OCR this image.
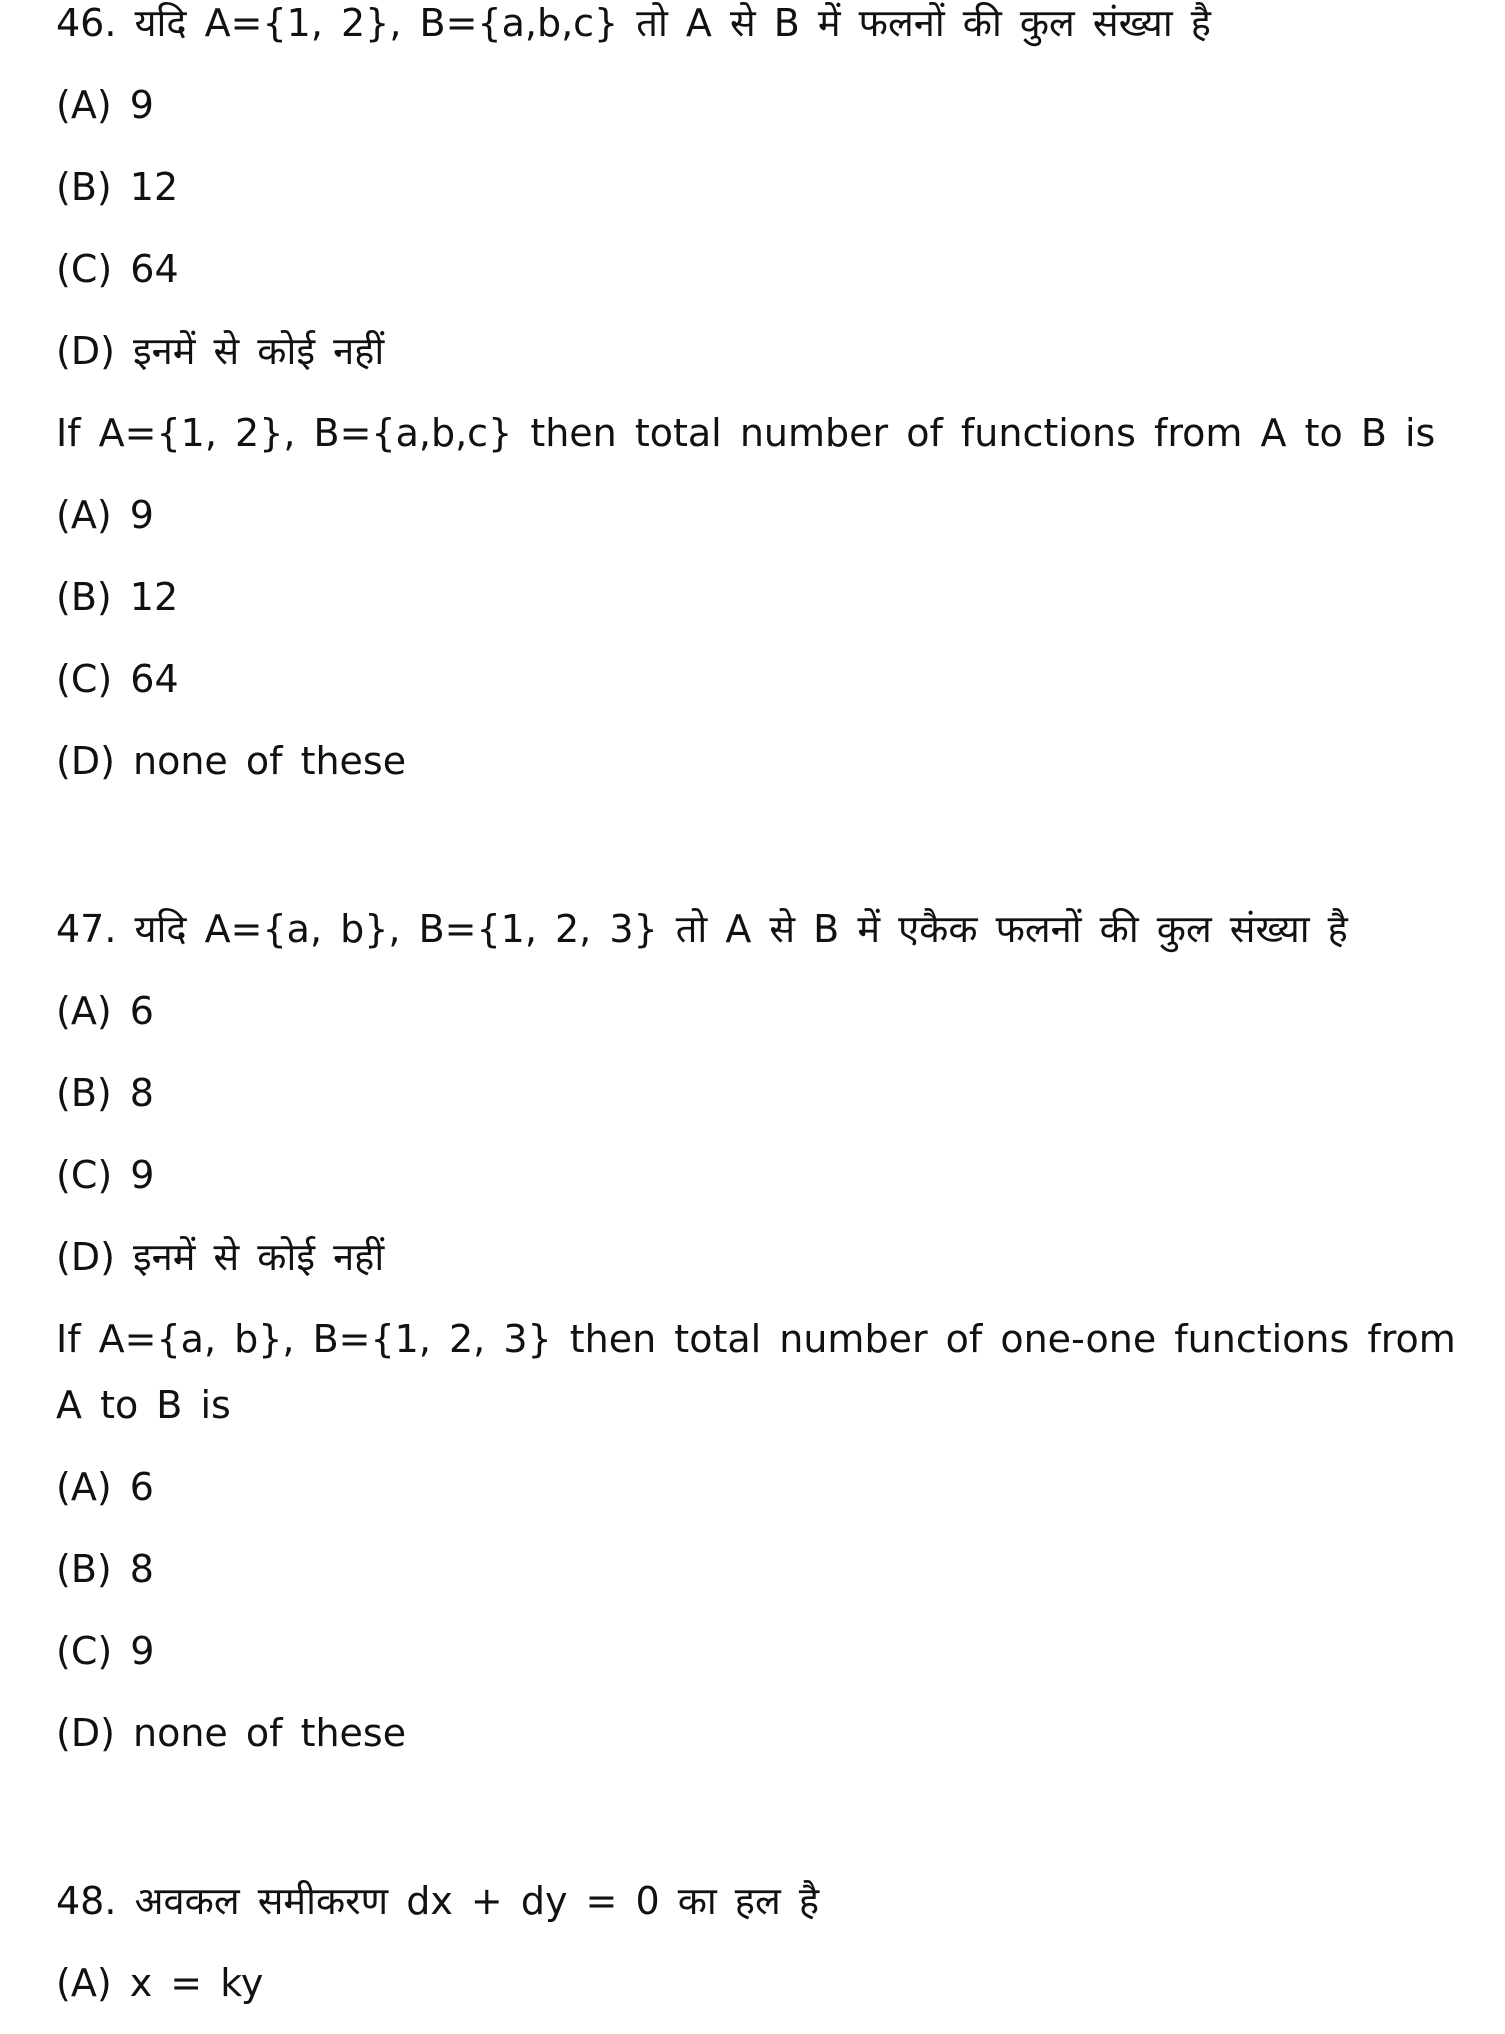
46. यदि A={1, 2}, B={a,b,c} तो A से B में फलनों की कुल संख्या है
(A) 9
(B) 12
(C) 64
(D) इनमें से कोई नहीं
If A={1, 2}, B={a,b,c} then total number of functions from A to B is
(A) 9
(B) 12
(C) 64
(D) none of these
47. यदि A={a, b}, B={1, 2, 3} तो A से B में एकैक फलनों की कुल संख्या है
(A) 6
(B) 8
(C) 9
(D) इनमें से कोई नहीं
If A={a, b}, B={1, 2, 3} then total number of one-one functions from A to B is
(A) 6
(B) 8
(C) 9
(D) none of these
48. अवकल समीकरण dx + dy = 0 का हल है
(A) x = ky
